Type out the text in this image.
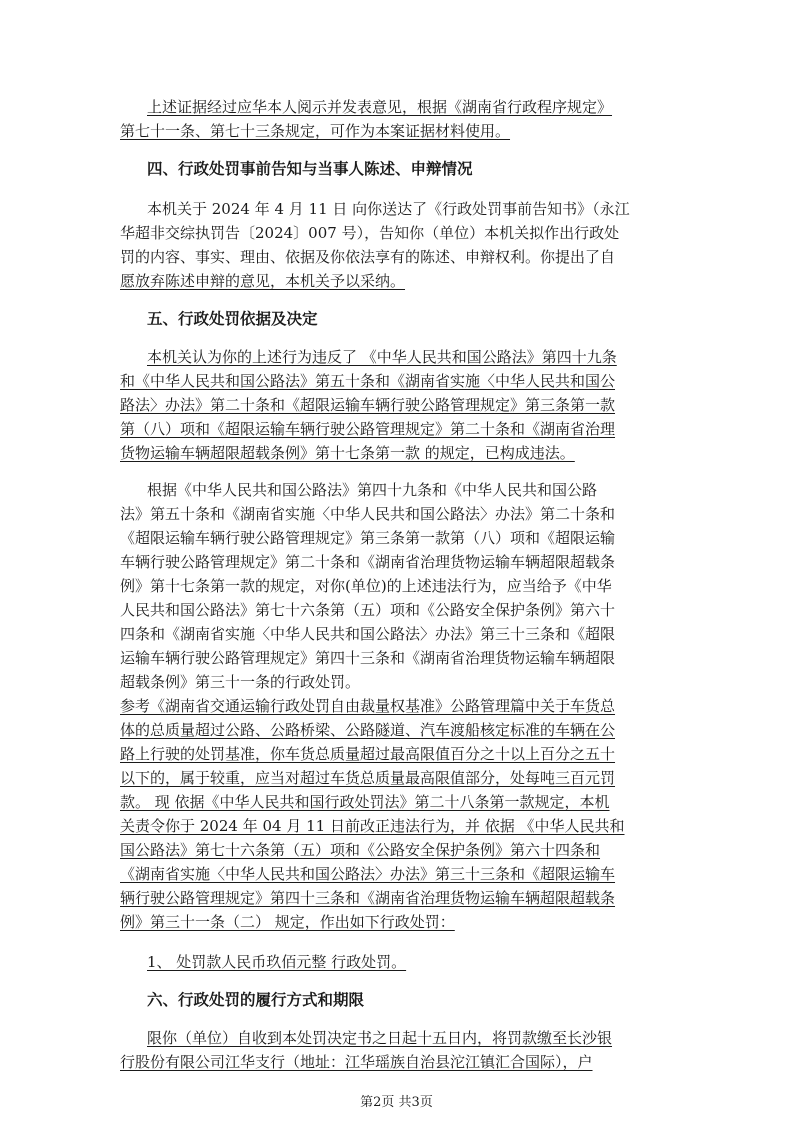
上述证据经过应华本人阅示并发表意见，根据《湖南省行政程序规定》
第七十一条、第七十三条规定，可作为本案证据材料使用。
四、行政处罚事前告知与当事人陈述、申辩情况
本机关于 2024 年 4 月 11 日 向你送达了《行政处罚事前告知书》（永江
华超非交综执罚告〔2024〕007 号），告知你（单位）本机关拟作出行政处
罚的内容、事实、理由、依据及你依法享有的陈述、申辩权利。你提出了自
愿放弃陈述申辩的意见，本机关予以采纳。
五、行政处罚依据及决定
本机关认为你的上述行为违反了 《中华人民共和国公路法》第四十九条
和《中华人民共和国公路法》第五十条和《湖南省实施〈中华人民共和国公
路法〉办法》第二十条和《超限运输车辆行驶公路管理规定》第三条第一款
第（八）项和《超限运输车辆行驶公路管理规定》第二十条和《湖南省治理
货物运输车辆超限超载条例》第十七条第一款 的规定，已构成违法。
根据《中华人民共和国公路法》第四十九条和《中华人民共和国公路
法》第五十条和《湖南省实施〈中华人民共和国公路法〉办法》第二十条和
《超限运输车辆行驶公路管理规定》第三条第一款第（八）项和《超限运输
车辆行驶公路管理规定》第二十条和《湖南省治理货物运输车辆超限超载条
例》第十七条第一款的规定，对你(单位)的上述违法行为，应当给予《中华
人民共和国公路法》第七十六条第（五）项和《公路安全保护条例》第六十
四条和《湖南省实施〈中华人民共和国公路法〉办法》第三十三条和《超限
运输车辆行驶公路管理规定》第四十三条和《湖南省治理货物运输车辆超限
超载条例》第三十一条的行政处罚。
参考《湖南省交通运输行政处罚自由裁量权基准》公路管理篇中关于车货总
体的总质量超过公路、公路桥梁、公路隧道、汽车渡船核定标准的车辆在公
路上行驶的处罚基准，你车货总质量超过最高限值百分之十以上百分之五十
以下的，属于较重，应当对超过车货总质量最高限值部分，处每吨三百元罚
款。 现 依据《中华人民共和国行政处罚法》第二十八条第一款规定，本机
关责令你于 2024 年 04 月 11 日前改正违法行为，并 依据 《中华人民共和
国公路法》第七十六条第（五）项和《公路安全保护条例》第六十四条和
《湖南省实施〈中华人民共和国公路法〉办法》第三十三条和《超限运输车
辆行驶公路管理规定》第四十三条和《湖南省治理货物运输车辆超限超载条
例》第三十一条（二） 规定，作出如下行政处罚：
1、 处罚款人民币玖佰元整 行政处罚。
六、行政处罚的履行方式和期限
限你（单位）自收到本处罚决定书之日起十五日内，将罚款缴至长沙银
行股份有限公司江华支行（地址：江华瑶族自治县沱江镇汇合国际），户
第2页 共3页
